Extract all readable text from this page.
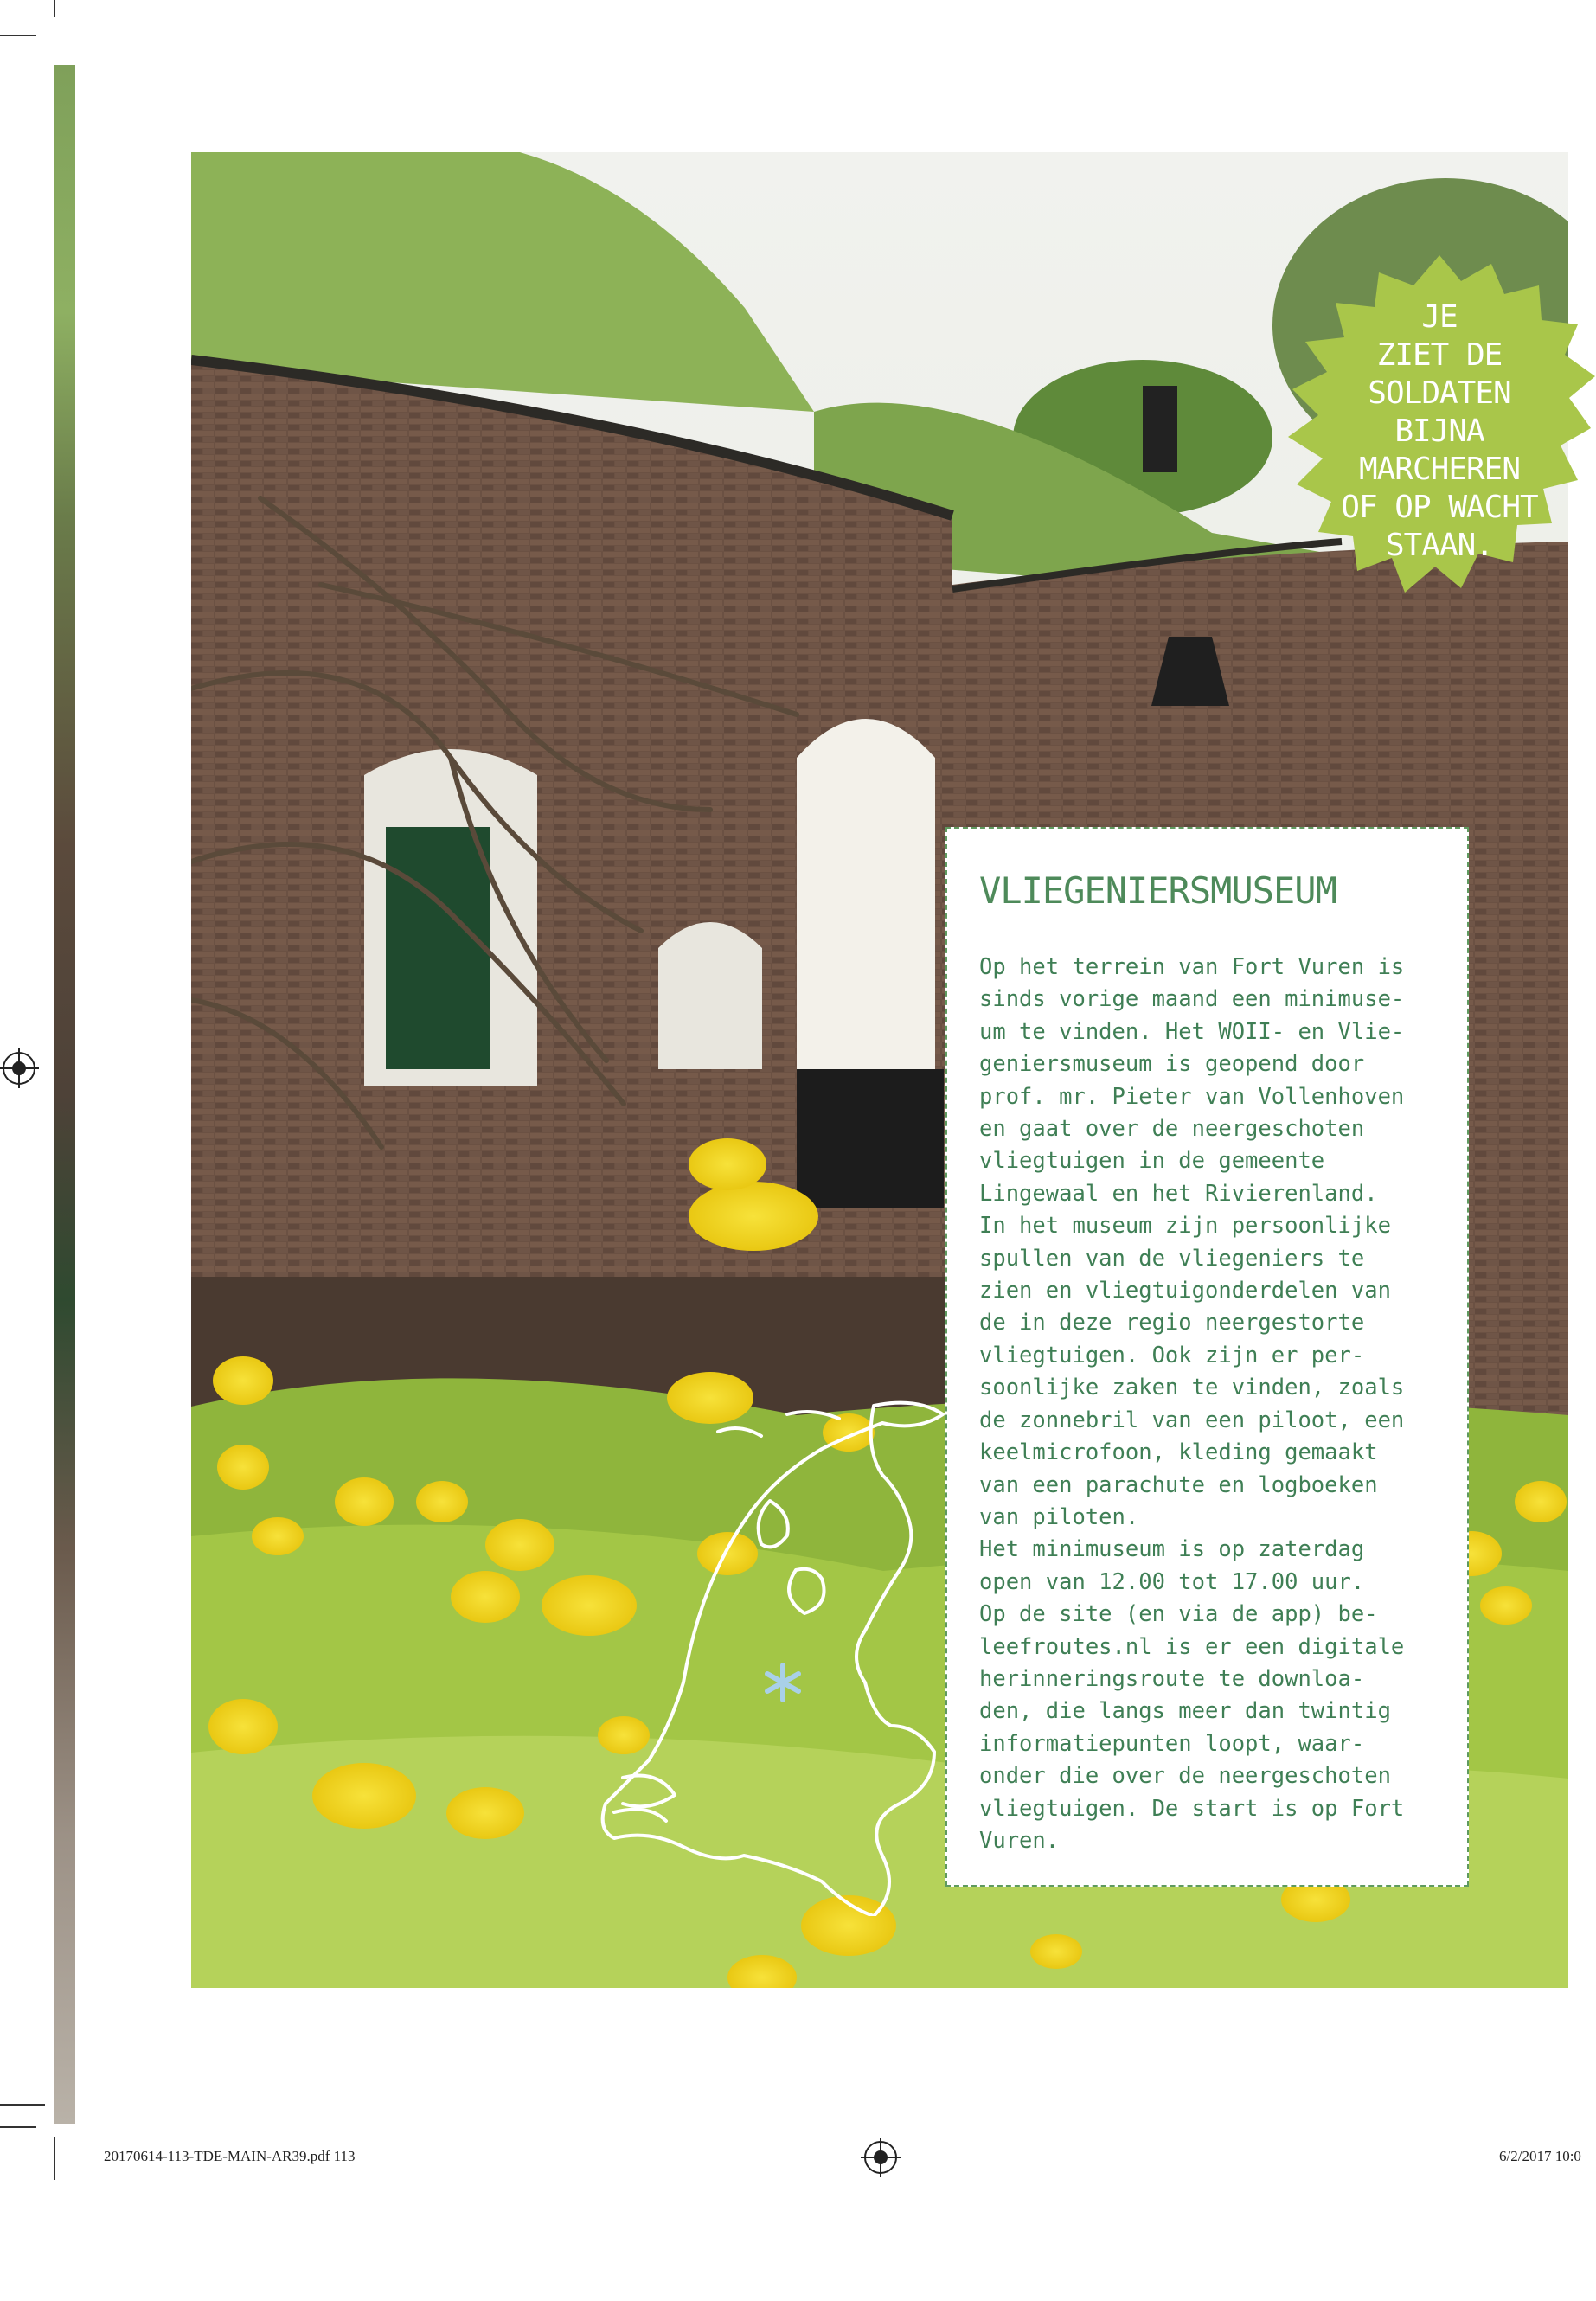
JE
ZIET DE
SOLDATEN
BIJNA
MARCHEREN
OF OP WACHT
STAAN.
VLIEGENIERSMUSEUM
Op het terrein van Fort Vuren is
sinds vorige maand een minimuse-
um te vinden. Het WOII- en Vlie-
geniersmuseum is geopend door
prof. mr. Pieter van Vollenhoven
en gaat over de neergeschoten
vliegtuigen in de gemeente
Lingewaal en het Rivierenland.
In het museum zijn persoonlijke
spullen van de vliegeniers te
zien en vliegtuigonderdelen van
de in deze regio neergestorte
vliegtuigen. Ook zijn er per-
soonlijke zaken te vinden, zoals
de zonnebril van een piloot, een
keelmicrofoon, kleding gemaakt
van een parachute en logboeken
van piloten.
Het minimuseum is op zaterdag
open van 12.00 tot 17.00 uur.
Op de site (en via de app) be-
leefroutes.nl is er een digitale
herinneringsroute te downloa-
den, die langs meer dan twintig
informatiepunten loopt, waar-
onder die over de neergeschoten
vliegtuigen. De start is op Fort
Vuren.
20170614-113-TDE-MAIN-AR39.pdf 113	6/2/2017 10:0
